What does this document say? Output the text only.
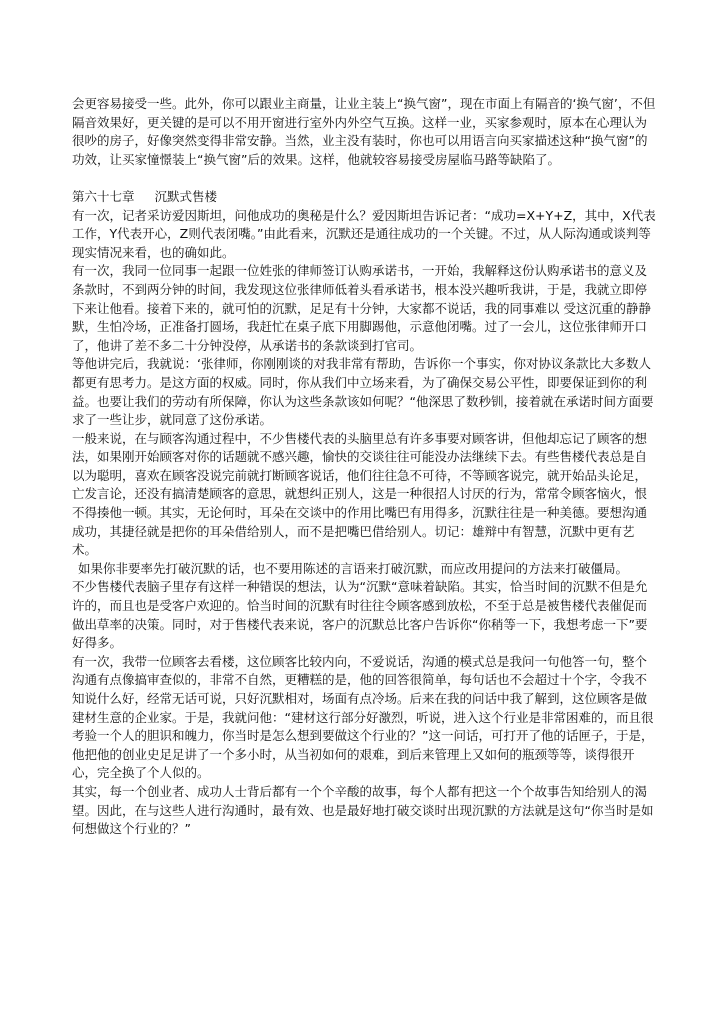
会更容易接受一些。此外，你可以跟业主商量，让业主装上“换气窗”，现在市面上有隔音的‘换气窗’，不但隔音效果好，更关键的是可以不用开窗进行室外内外空气互换。这样一业，买家参观时，原本在心理认为很吵的房子，好像突然变得非常安静。当然，业主没有装时，你也可以用语言向买家描述这种“换气窗”的功效，让买家憧憬装上“换气窗”后的效果。这样，他就较容易接受房屋临马路等缺陷了。

第六十七章 沉默式售楼

有一次，记者采访爱因斯坦，问他成功的奥秘是什么？爱因斯坦告诉记者：“成功=X+Y+Z，其中，X代表工作，Y代表开心，Z则代表闭嘴。”由此看来，沉默还是通往成功的一个关键。不过，从人际沟通或谈判等现实情况来看，也的确如此。

有一次，我同一位同事一起跟一位姓张的律师签订认购承诺书，一开始，我解释这份认购承诺书的意义及条款时，不到两分钟的时间，我发现这位张律师低着头看承诺书，根本没兴趣听我讲，于是，我就立即停下来让他看。接着下来的，就可怕的沉默，足足有十分钟，大家都不说话，我的同事难以 受这沉重的静静默，生怕冷场，正准备打圆场，我赶忙在桌子底下用脚踢他，示意他闭嘴。过了一会儿，这位张律师开口了，他讲了差不多二十分钟没停，从承诺书的条款谈到打官司。

等他讲完后，我就说：‘张律师，你刚刚谈的对我非常有帮助，告诉你一个事实，你对协议条款比大多数人都更有思考力。是这方面的权威。同时，你从我们中立场来看，为了确保交易公平性，即要保证到你的利益。也要让我们的劳动有所保障，你认为这些条款该如何呢？“他深思了数秒钏，接着就在承诺时间方面要求了一些让步，就同意了这份承诺。

一般来说，在与顾客沟通过程中，不少售楼代表的头脑里总有许多事要对顾客讲，但他却忘记了顾客的想法，如果刚开始顾客对你的话题就不感兴趣，愉快的交谈往往可能没办法继续下去。有些售楼代表总是自以为聪明，喜欢在顾客没说完前就打断顾客说话，他们往往急不可待，不等顾客说完，就开始品头论足，亡发言论，还没有搞清楚顾客的意思，就想纠正别人，这是一种很招人讨厌的行为，常常令顾客恼火，恨不得揍他一顿。其实，无论何时，耳朵在交谈中的作用比嘴巴有用得多，沉默往往是一种美德。要想沟通成功，其捷径就是把你的耳朵借给别人，而不是把嘴巴借给别人。切记：雄辩中有智慧，沉默中更有艺术。

如果你非要率先打破沉默的话，也不要用陈述的言语来打破沉默，而应改用提问的方法来打破僵局。

不少售楼代表脑子里存有这样一种错误的想法，认为“沉默“意味着缺陷。其实，恰当时间的沉默不但是允许的，而且也是受客户欢迎的。恰当时间的沉默有时往往令顾客感到放松，不至于总是被售楼代表催促而做出草率的决策。同时，对于售楼代表来说，客户的沉默总比客户告诉你“你稍等一下，我想考虑一下”要好得多。

有一次，我带一位顾客去看楼，这位顾客比较内向，不爱说话，沟通的模式总是我问一句他答一句，整个沟通有点像搞审查似的，非常不自然，更糟糕的是，他的回答很简单，每句话也不会超过十个字，令我不知说什么好，经常无话可说，只好沉默相对，场面有点冷场。后来在我的问话中我了解到，这位顾客是做建材生意的企业家。于是，我就问他：“建材这行部分好激烈，听说，进入这个行业是非常困难的，而且很考验一个人的胆识和魄力，你当时是怎么想到要做这个行业的？”这一问话，可打开了他的话匣子，于是，他把他的创业史足足讲了一个多小时，从当初如何的艰难，到后来管理上又如何的瓶颈等等，谈得很开心，完全换了个人似的。

其实，每一个创业者、成功人士背后都有一个个辛酸的故事，每个人都有把这一个个故事告知给别人的渴望。因此，在与这些人进行沟通时，最有效、也是最好地打破交谈时出现沉默的方法就是这句“你当时是如何想做这个行业的？”
